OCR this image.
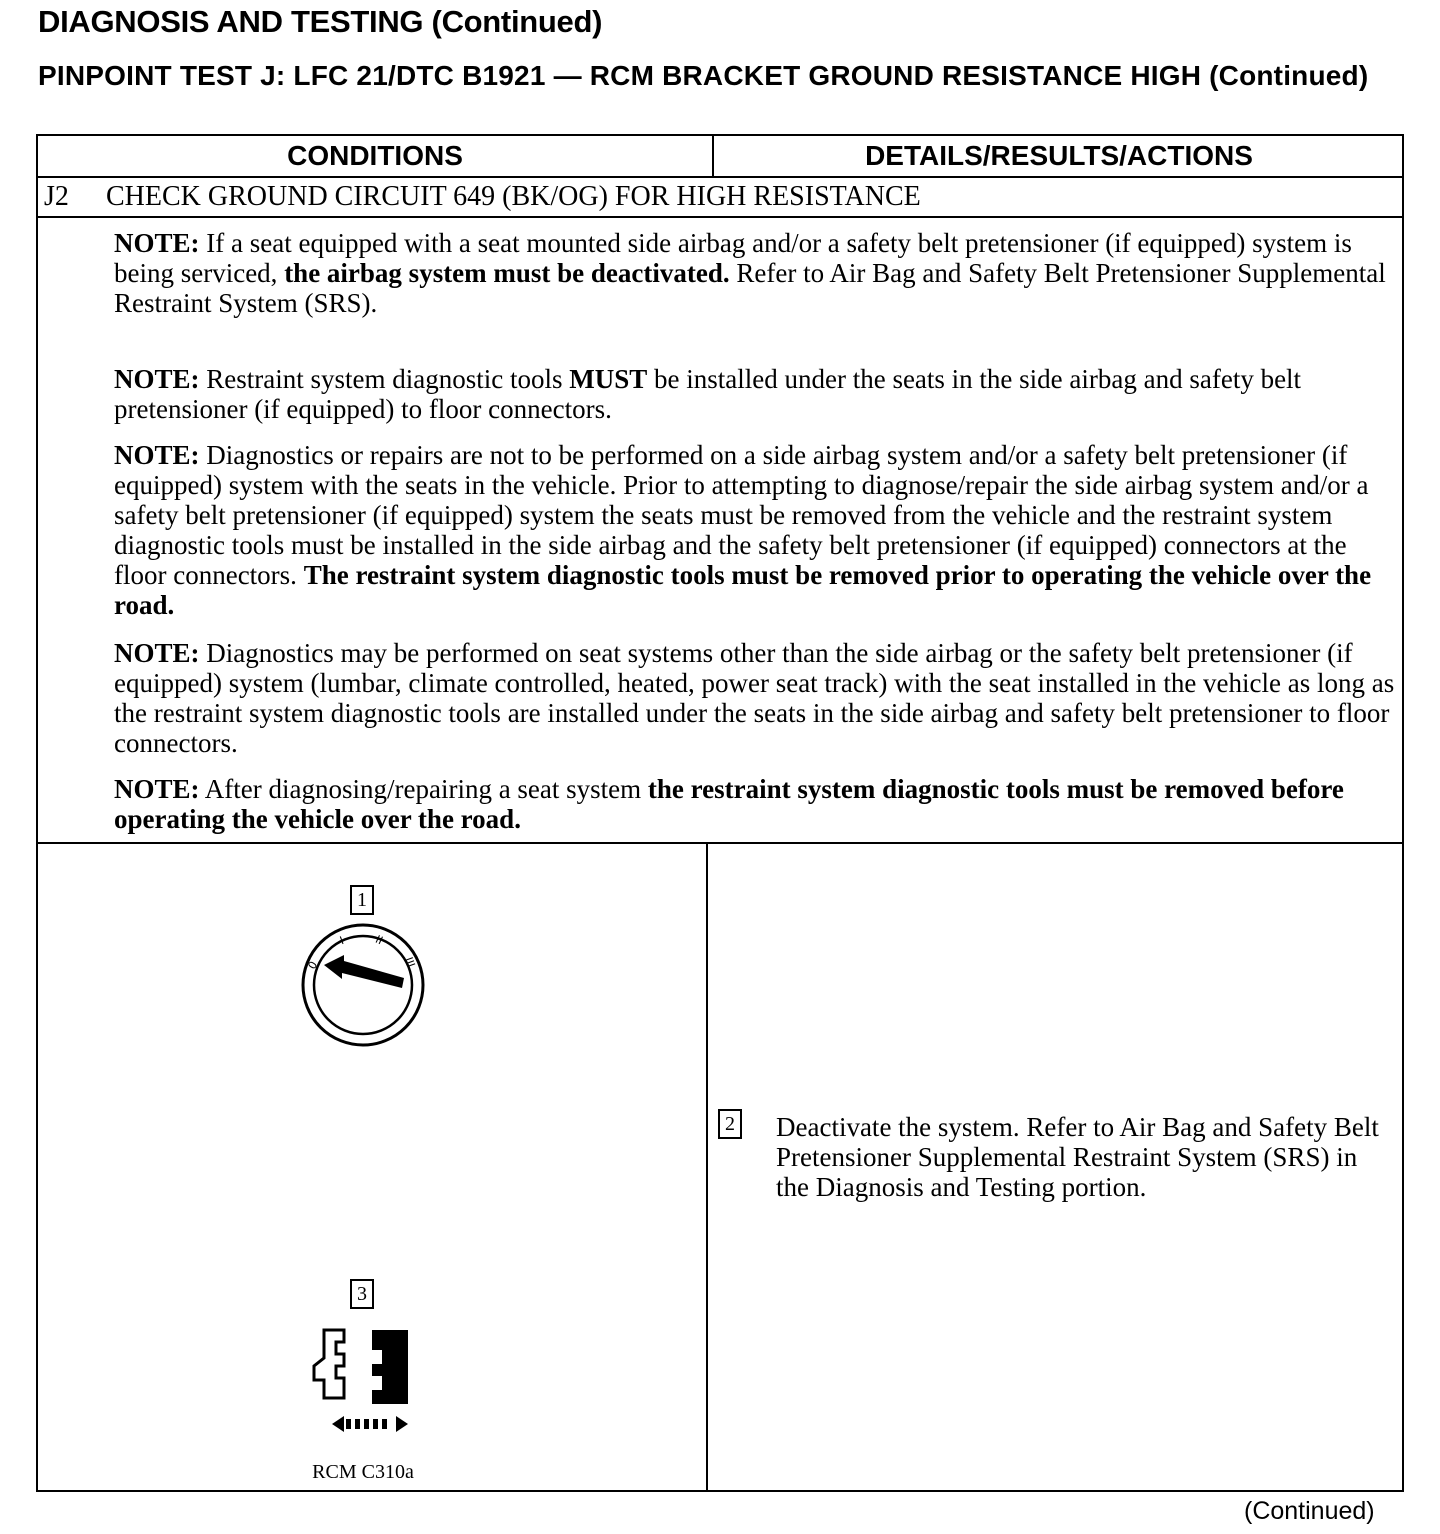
DIAGNOSIS AND TESTING (Continued)
PINPOINT TEST J: LFC 21/DTC B1921 — RCM BRACKET GROUND RESISTANCE HIGH (Continued)
CONDITIONS	DETAILS/RESULTS/ACTIONS
J2 CHECK GROUND CIRCUIT 649 (BK/OG) FOR HIGH RESISTANCE

NOTE: If a seat equipped with a seat mounted side airbag and/or a safety belt pretensioner (if equipped) system is being serviced, the airbag system must be deactivated. Refer to Air Bag and Safety Belt Pretensioner Supplemental Restraint System (SRS).

NOTE: Restraint system diagnostic tools MUST be installed under the seats in the side airbag and safety belt pretensioner (if equipped) to floor connectors.

NOTE: Diagnostics or repairs are not to be performed on a side airbag system and/or a safety belt pretensioner (if equipped) system with the seats in the vehicle. Prior to attempting to diagnose/repair the side airbag system and/or a safety belt pretensioner (if equipped) system the seats must be removed from the vehicle and the restraint system diagnostic tools must be installed in the side airbag and the safety belt pretensioner (if equipped) connectors at the floor connectors. The restraint system diagnostic tools must be removed prior to operating the vehicle over the road.

NOTE: Diagnostics may be performed on seat systems other than the side airbag or the safety belt pretensioner (if equipped) system (lumbar, climate controlled, heated, power seat track) with the seat installed in the vehicle as long as the restraint system diagnostic tools are installed under the seats in the side airbag and safety belt pretensioner to floor connectors.

NOTE: After diagnosing/repairing a seat system the restraint system diagnostic tools must be removed before operating the vehicle over the road.

1
0
I	II
III
3
RCM C310a
2 Deactivate the system. Refer to Air Bag and Safety Belt Pretensioner Supplemental Restraint System (SRS) in the Diagnosis and Testing portion.

(Continued)
